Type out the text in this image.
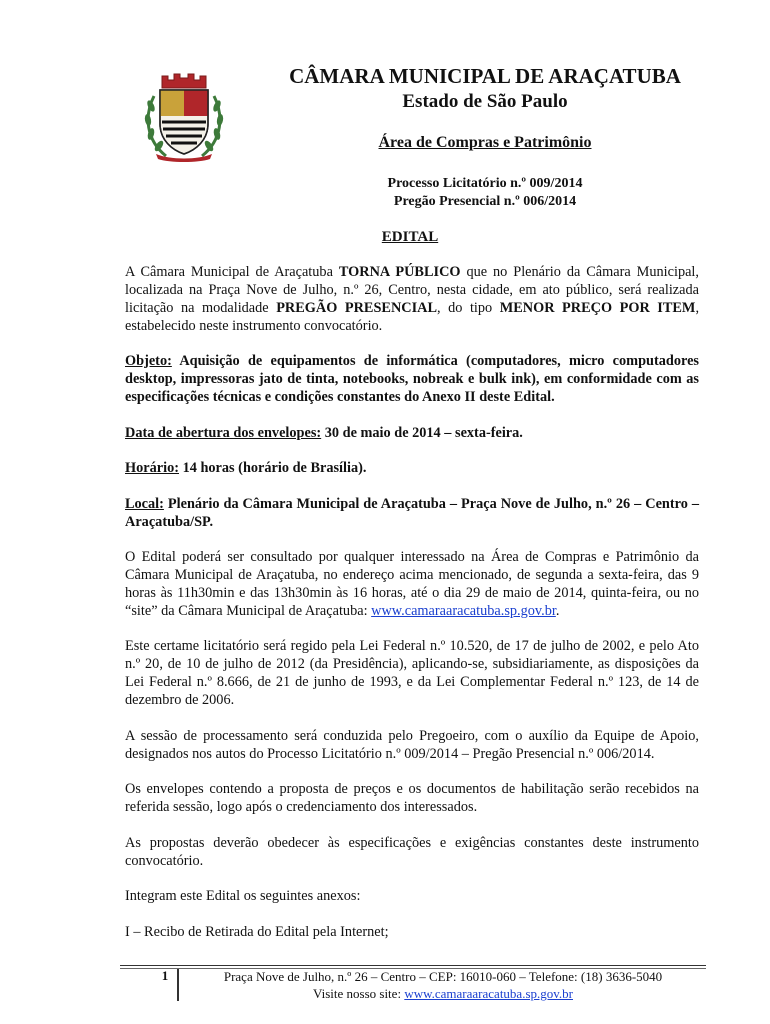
CÂMARA MUNICIPAL DE ARAÇATUBA
Estado de São Paulo
Área de Compras e Patrimônio
Processo Licitatório n.º 009/2014
Pregão Presencial n.º 006/2014
EDITAL

A Câmara Municipal de Araçatuba TORNA PÚBLICO que no Plenário da Câmara Municipal, localizada na Praça Nove de Julho, n.º 26, Centro, nesta cidade, em ato público, será realizada licitação na modalidade PREGÃO PRESENCIAL, do tipo MENOR PREÇO POR ITEM, estabelecido neste instrumento convocatório.

Objeto: Aquisição de equipamentos de informática (computadores, micro computadores desktop, impressoras jato de tinta, notebooks, nobreak e bulk ink), em conformidade com as especificações técnicas e condições constantes do Anexo II deste Edital.

Data de abertura dos envelopes: 30 de maio de 2014 – sexta-feira.

Horário: 14 horas (horário de Brasília).

Local: Plenário da Câmara Municipal de Araçatuba – Praça Nove de Julho, n.º 26 – Centro – Araçatuba/SP.

O Edital poderá ser consultado por qualquer interessado na Área de Compras e Patrimônio da Câmara Municipal de Araçatuba, no endereço acima mencionado, de segunda a sexta-feira, das 9 horas às 11h30min e das 13h30min às 16 horas, até o dia 29 de maio de 2014, quinta-feira, ou no “site” da Câmara Municipal de Araçatuba: www.camaraaracatuba.sp.gov.br.

Este certame licitatório será regido pela Lei Federal n.º 10.520, de 17 de julho de 2002, e pelo Ato n.º 20, de 10 de julho de 2012 (da Presidência), aplicando-se, subsidiariamente, as disposições da Lei Federal n.º 8.666, de 21 de junho de 1993, e da Lei Complementar Federal n.º 123, de 14 de dezembro de 2006.

A sessão de processamento será conduzida pelo Pregoeiro, com o auxílio da Equipe de Apoio, designados nos autos do Processo Licitatório n.º 009/2014 – Pregão Presencial n.º 006/2014.

Os envelopes contendo a proposta de preços e os documentos de habilitação serão recebidos na referida sessão, logo após o credenciamento dos interessados.

As propostas deverão obedecer às especificações e exigências constantes deste instrumento convocatório.

Integram este Edital os seguintes anexos:

I – Recibo de Retirada do Edital pela Internet;

1	Praça Nove de Julho, n.º 26 – Centro – CEP: 16010-060 – Telefone: (18) 3636-5040
Visite nosso site: www.camaraaracatuba.sp.gov.br
